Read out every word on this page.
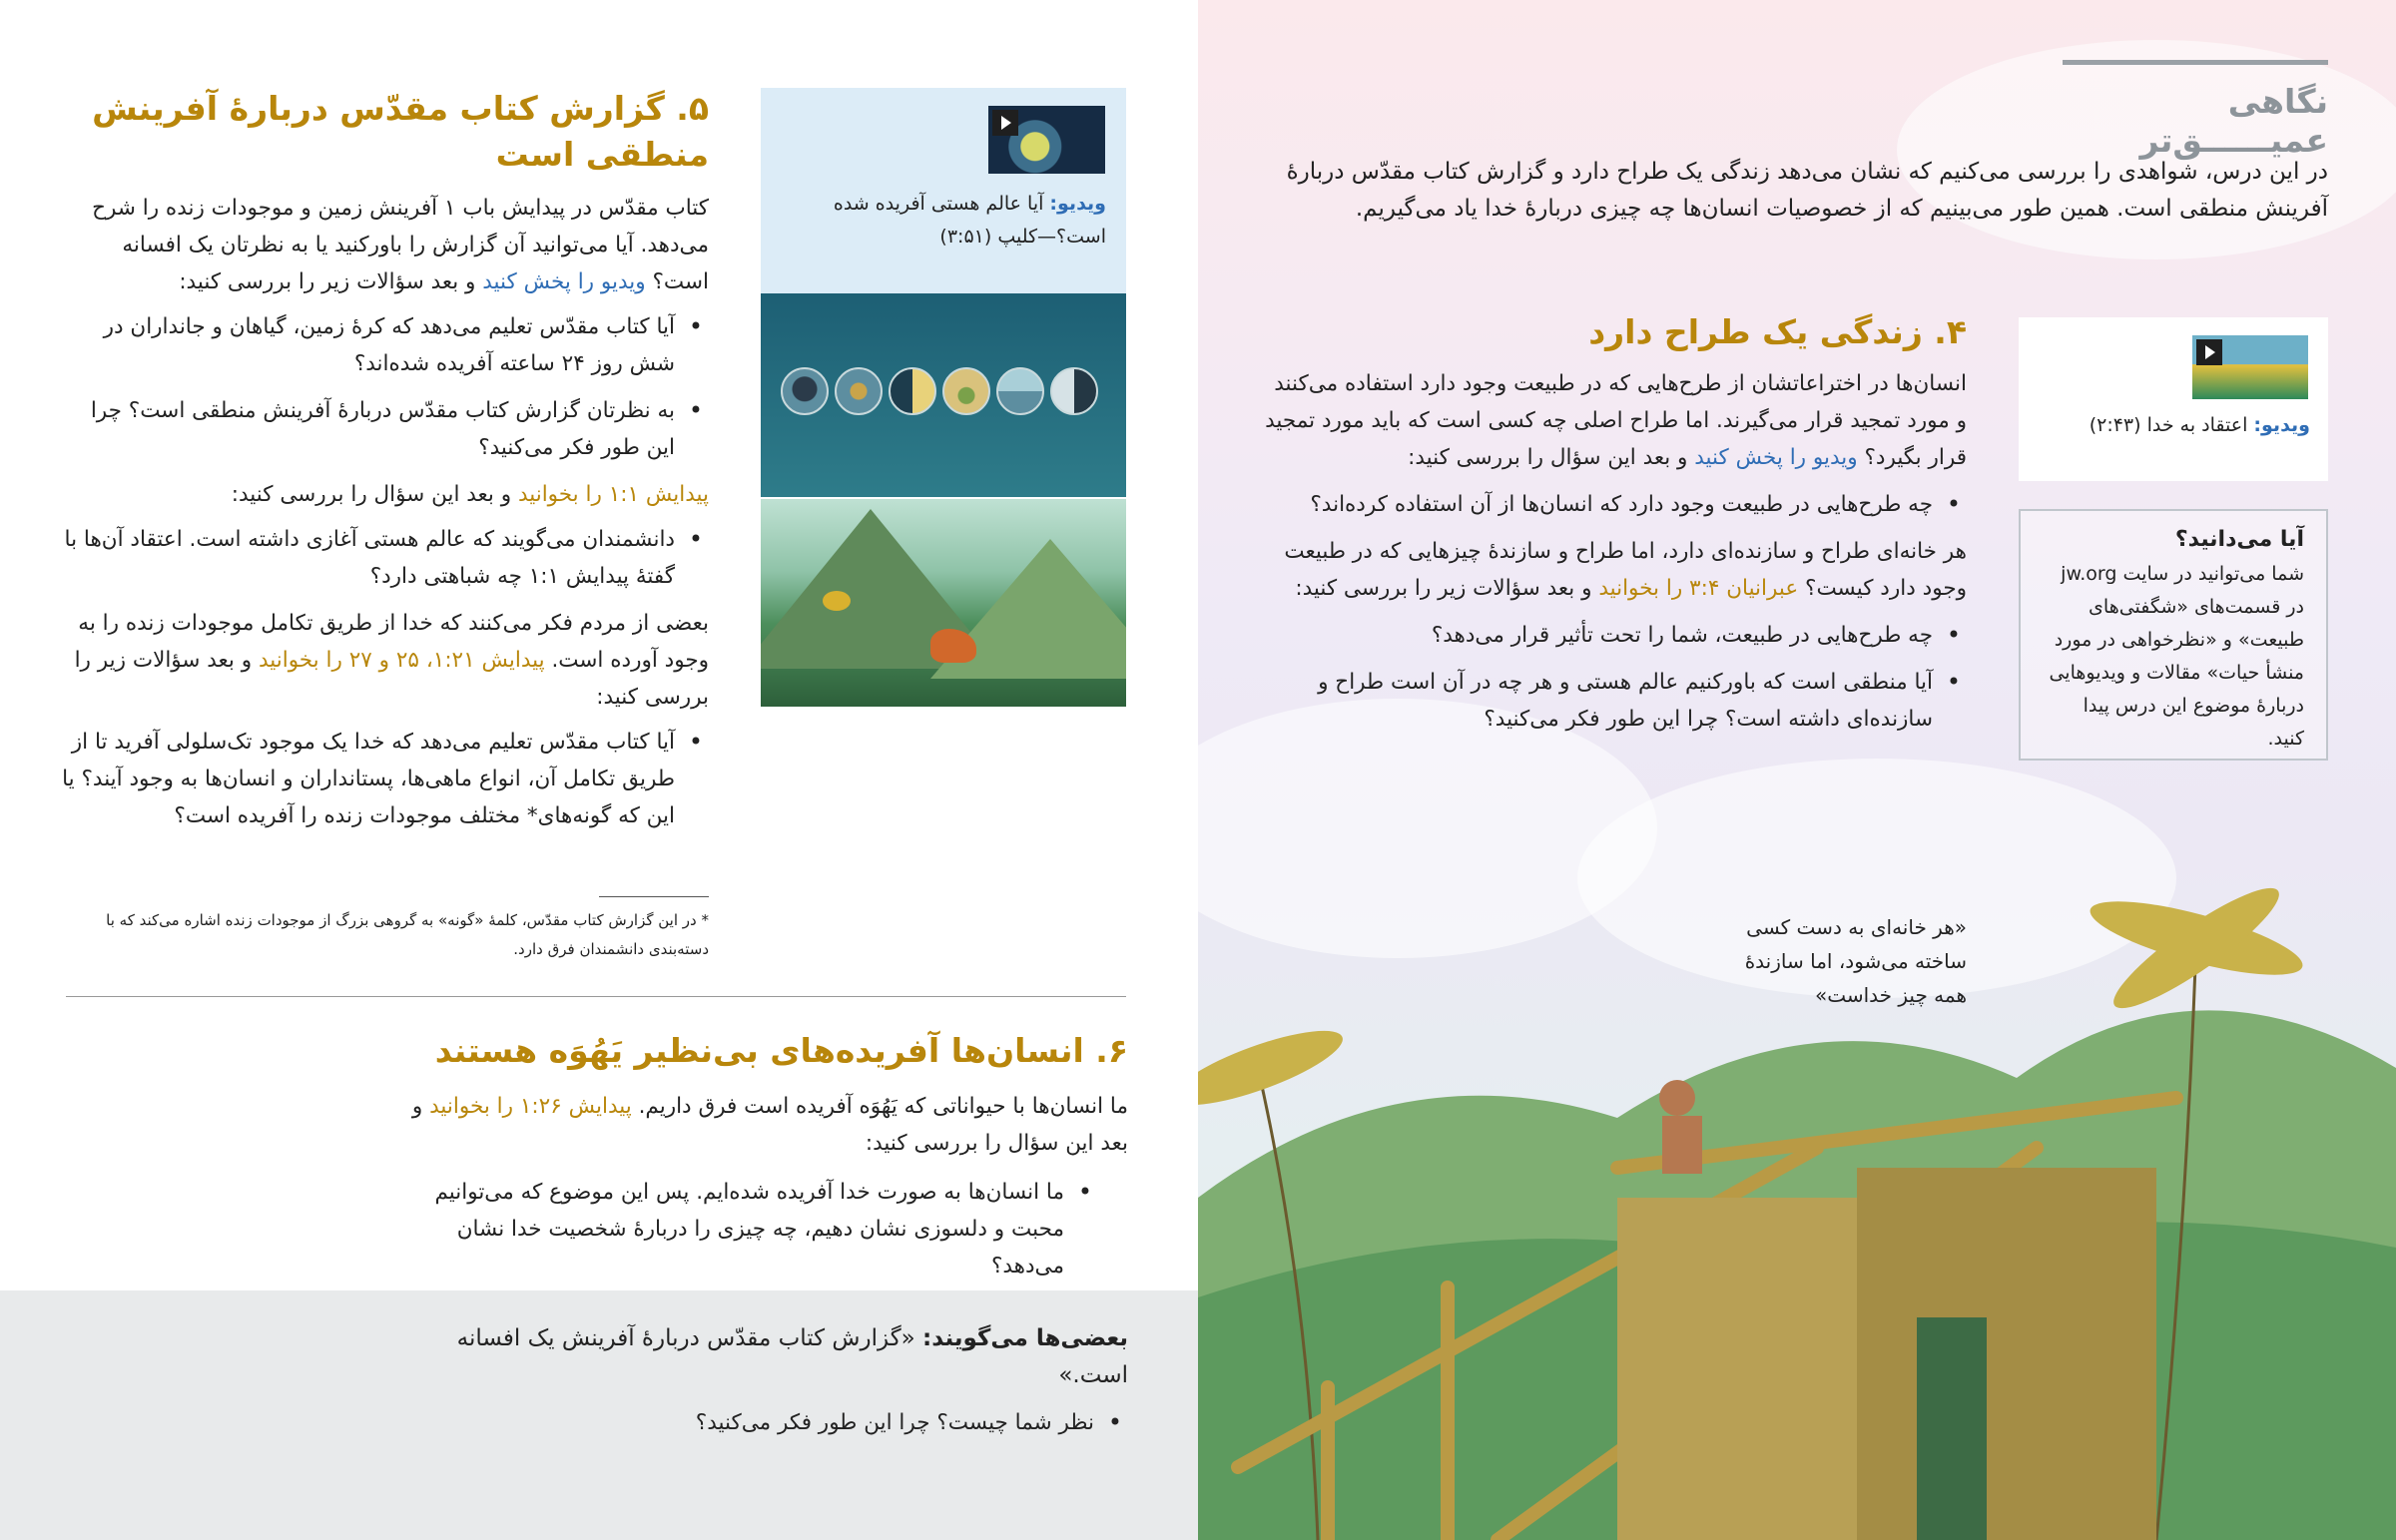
۵. گزارش کتاب مقدّس دربارهٔ آفرینش منطقی است

کتاب مقدّس در پیدایش باب ۱ آفرینش زمین و موجودات زنده را شرح می‌دهد. آیا می‌توانید آن گزارش را باورکنید یا به نظرتان یک افسانه است؟ ویدیو را پخش کنید و بعد سؤالات زیر را بررسی کنید:

• آیا کتاب مقدّس تعلیم می‌دهد که کرهٔ زمین، گیاهان و جانداران در شش روز ۲۴ ساعته آفریده شده‌اند؟
• به نظرتان گزارش کتاب مقدّس دربارهٔ آفرینش منطقی است؟ چرا این طور فکر می‌کنید؟

پیدایش ۱:۱ را بخوانید و بعد این سؤال را بررسی کنید:

• دانشمندان می‌گویند که عالم هستی آغازی داشته است. اعتقاد آن‌ها با گفتهٔ پیدایش ۱:۱ چه شباهتی دارد؟

بعضی از مردم فکر می‌کنند که خدا از طریق تکامل موجودات زنده را به وجود آورده است. پیدایش ۱:۲۱، ۲۵ و ۲۷ را بخوانید و بعد سؤالات زیر را بررسی کنید:

• آیا کتاب مقدّس تعلیم می‌دهد که خدا یک موجود تک‌سلولی آفرید تا از طریق تکامل آن، انواع ماهی‌ها، پستانداران و انسان‌ها به وجود آیند؟ یا این که گونه‌های* مختلف موجودات زنده را آفریده است؟
* در این گزارش کتاب مقدّس، کلمهٔ «گونه» به گروهی بزرگ از موجودات زنده اشاره می‌کند که با دسته‌بندی دانشمندان فرق دارد.
ویدیو: آیا عالم هستی آفریده شده است؟—کلیپ (۳:۵۱)
۶. انسان‌ها آفریده‌های بی‌نظیر یَهُوَه هستند

ما انسان‌ها با حیواناتی که یَهُوَه آفریده است فرق داریم. پیدایش ۱:۲۶ را بخوانید و بعد این سؤال را بررسی کنید:

• ما انسان‌ها به صورت خدا آفریده شده‌ایم. پس این موضوع که می‌توانیم محبت و دلسوزی نشان دهیم، چه چیزی را دربارهٔ شخصیت خدا نشان می‌دهد؟

بعضی‌ها می‌گویند: «گزارش کتاب مقدّس دربارهٔ آفرینش یک افسانه است.»

• نظر شما چیست؟ چرا این طور فکر می‌کنید؟
نگاهی عمیــــــق‌تر

در این درس، شواهدی را بررسی می‌کنیم که نشان می‌دهد زندگی یک طراح دارد و گزارش کتاب مقدّس دربارهٔ آفرینش منطقی است. همین طور می‌بینیم که از خصوصیات انسان‌ها چه چیزی دربارهٔ خدا یاد می‌گیریم.

۴. زندگی یک طراح دارد

انسان‌ها در اختراعاتشان از طرح‌هایی که در طبیعت وجود دارد استفاده می‌کنند و مورد تمجید قرار می‌گیرند. اما طراح اصلی چه کسی است که باید مورد تمجید قرار بگیرد؟ ویدیو را پخش کنید و بعد این سؤال را بررسی کنید:

• چه طرح‌هایی در طبیعت وجود دارد که انسان‌ها از آن استفاده کرده‌اند؟

هر خانه‌ای طراح و سازنده‌ای دارد، اما طراح و سازندهٔ چیزهایی که در طبیعت وجود دارد کیست؟ عبرانیان ۳:۴ را بخوانید و بعد سؤالات زیر را بررسی کنید:

• چه طرح‌هایی در طبیعت، شما را تحت تأثیر قرار می‌دهد؟
• آیا منطقی است که باورکنیم عالم هستی و هر چه در آن است طراح و سازنده‌ای داشته است؟ چرا این طور فکر می‌کنید؟
ویدیو: اعتقاد به خدا (۲:۴۳)
آیا می‌دانید؟
شما می‌توانید در سایت jw.org در قسمت‌های «شگفتی‌های طبیعت» و «نظرخواهی در مورد منشأ حیات» مقالات و ویدیوهایی دربارهٔ موضوع این درس پیدا کنید.
«هر خانه‌ای به دست کسی ساخته می‌شود، اما سازندهٔ همه چیز خداست»
